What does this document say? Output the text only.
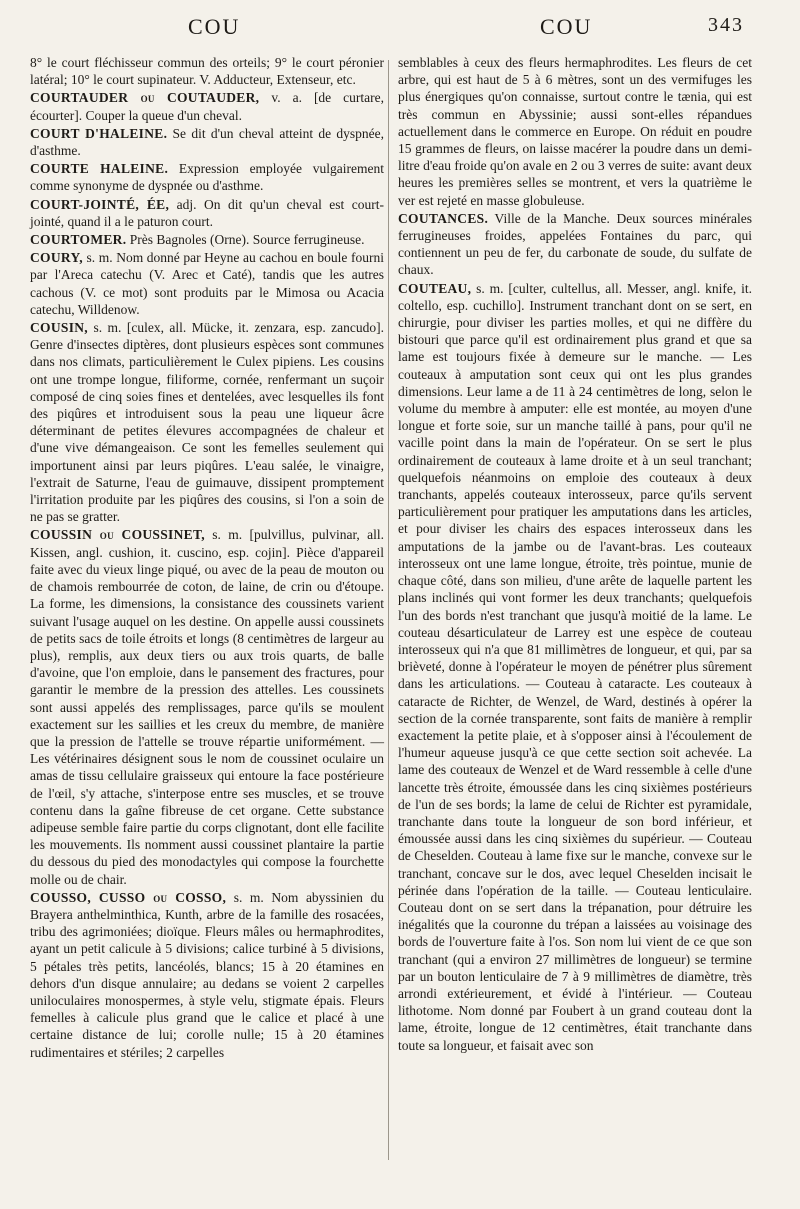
COU	COU	343

8° le court fléchisseur commun des orteils; 9° le court péronier latéral; 10° le court supinateur. V. Adducteur, Extenseur, etc.

COURTAUDER ou COUTAUDER, v. a. [de curtare, écourter]. Couper la queue d'un cheval.

COURT D'HALEINE. Se dit d'un cheval atteint de dyspnée, d'asthme.

COURTE HALEINE. Expression employée vulgairement comme synonyme de dyspnée ou d'asthme.

COURT-JOINTÉ, ÉE, adj. On dit qu'un cheval est court-jointé, quand il a le paturon court.

COURTOMER. Près Bagnoles (Orne). Source ferrugineuse.

COURY, s. m. Nom donné par Heyne au cachou en boule fourni par l'Areca catechu (V. Arec et Caté), tandis que les autres cachous (V. ce mot) sont produits par le Mimosa ou Acacia catechu, Willdenow.

COUSIN, s. m. [culex, all. Mücke, it. zenzara, esp. zancudo]. Genre d'insectes diptères, dont plusieurs espèces sont communes dans nos climats, particulièrement le Culex pipiens. Les cousins ont une trompe longue, filiforme, cornée, renfermant un suçoir composé de cinq soies fines et dentelées, avec lesquelles ils font des piqûres et introduisent sous la peau une liqueur âcre déterminant de petites élevures accompagnées de chaleur et d'une vive démangeaison. Ce sont les femelles seulement qui importunent ainsi par leurs piqûres. L'eau salée, le vinaigre, l'extrait de Saturne, l'eau de guimauve, dissipent promptement l'irritation produite par les piqûres des cousins, si l'on a soin de ne pas se gratter.

COUSSIN ou COUSSINET, s. m. [pulvillus, pulvinar, all. Kissen, angl. cushion, it. cuscino, esp. cojin]. Pièce d'appareil faite avec du vieux linge piqué, ou avec de la peau de mouton ou de chamois rembourrée de coton, de laine, de crin ou d'étoupe. La forme, les dimensions, la consistance des coussinets varient suivant l'usage auquel on les destine. On appelle aussi coussinets de petits sacs de toile étroits et longs (8 centimètres de largeur au plus), remplis, aux deux tiers ou aux trois quarts, de balle d'avoine, que l'on emploie, dans le pansement des fractures, pour garantir le membre de la pression des attelles. Les coussinets sont aussi appelés des remplissages, parce qu'ils se moulent exactement sur les saillies et les creux du membre, de manière que la pression de l'attelle se trouve répartie uniformément. — Les vétérinaires désignent sous le nom de coussinet oculaire un amas de tissu cellulaire graisseux qui entoure la face postérieure de l'œil, s'y attache, s'interpose entre ses muscles, et se trouve contenu dans la gaîne fibreuse de cet organe. Cette substance adipeuse semble faire partie du corps clignotant, dont elle facilite les mouvements. Ils nomment aussi coussinet plantaire la partie du dessous du pied des monodactyles qui compose la fourchette molle ou de chair.

COUSSO, CUSSO ou COSSO, s. m. Nom abyssinien du Brayera anthelminthica, Kunth, arbre de la famille des rosacées, tribu des agrimoniées; dioïque. Fleurs mâles ou hermaphrodites, ayant un petit calicule à 5 divisions; calice turbiné à 5 divisions, 5 pétales très petits, lancéolés, blancs; 15 à 20 étamines en dehors d'un disque annulaire; au dedans se voient 2 carpelles uniloculaires monospermes, à style velu, stigmate épais. Fleurs femelles à calicule plus grand que le calice et placé à une certaine distance de lui; corolle nulle; 15 à 20 étamines rudimentaires et stériles; 2 carpelles

semblables à ceux des fleurs hermaphrodites. Les fleurs de cet arbre, qui est haut de 5 à 6 mètres, sont un des vermifuges les plus énergiques qu'on connaisse, surtout contre le tænia, qui est très commun en Abyssinie; aussi sont-elles répandues actuellement dans le commerce en Europe. On réduit en poudre 15 grammes de fleurs, on laisse macérer la poudre dans un demi-litre d'eau froide qu'on avale en 2 ou 3 verres de suite: avant deux heures les premières selles se montrent, et vers la quatrième le ver est rejeté en masse globuleuse.

COUTANCES. Ville de la Manche. Deux sources minérales ferrugineuses froides, appelées Fontaines du parc, qui contiennent un peu de fer, du carbonate de soude, du sulfate de chaux.

COUTEAU, s. m. [culter, cultellus, all. Messer, angl. knife, it. coltello, esp. cuchillo]. Instrument tranchant dont on se sert, en chirurgie, pour diviser les parties molles, et qui ne diffère du bistouri que parce qu'il est ordinairement plus grand et que sa lame est toujours fixée à demeure sur le manche. — Les couteaux à amputation sont ceux qui ont les plus grandes dimensions. Leur lame a de 11 à 24 centimètres de long, selon le volume du membre à amputer: elle est montée, au moyen d'une longue et forte soie, sur un manche taillé à pans, pour qu'il ne vacille point dans la main de l'opérateur. On se sert le plus ordinairement de couteaux à lame droite et à un seul tranchant; quelquefois néanmoins on emploie des couteaux à deux tranchants, appelés couteaux interosseux, parce qu'ils servent particulièrement pour pratiquer les amputations dans les articles, et pour diviser les chairs des espaces interosseux dans les amputations de la jambe ou de l'avant-bras. Les couteaux interosseux ont une lame longue, étroite, très pointue, munie de chaque côté, dans son milieu, d'une arête de laquelle partent les plans inclinés qui vont former les deux tranchants; quelquefois l'un des bords n'est tranchant que jusqu'à moitié de la lame. Le couteau désarticulateur de Larrey est une espèce de couteau interosseux qui n'a que 81 millimètres de longueur, et qui, par sa brièveté, donne à l'opérateur le moyen de pénétrer plus sûrement dans les articulations. — Couteau à cataracte. Les couteaux à cataracte de Richter, de Wenzel, de Ward, destinés à opérer la section de la cornée transparente, sont faits de manière à remplir exactement la petite plaie, et à s'opposer ainsi à l'écoulement de l'humeur aqueuse jusqu'à ce que cette section soit achevée. La lame des couteaux de Wenzel et de Ward ressemble à celle d'une lancette très étroite, émoussée dans les cinq sixièmes postérieurs de l'un de ses bords; la lame de celui de Richter est pyramidale, tranchante dans toute la longueur de son bord inférieur, et émoussée aussi dans les cinq sixièmes du supérieur. — Couteau de Cheselden. Couteau à lame fixe sur le manche, convexe sur le tranchant, concave sur le dos, avec lequel Cheselden incisait le périnée dans l'opération de la taille. — Couteau lenticulaire. Couteau dont on se sert dans la trépanation, pour détruire les inégalités que la couronne du trépan a laissées au voisinage des bords de l'ouverture faite à l'os. Son nom lui vient de ce que son tranchant (qui a environ 27 millimètres de longueur) se termine par un bouton lenticulaire de 7 à 9 millimètres de diamètre, très arrondi extérieurement, et évidé à l'intérieur. — Couteau lithotome. Nom donné par Foubert à un grand couteau dont la lame, étroite, longue de 12 centimètres, était tranchante dans toute sa longueur, et faisait avec son
